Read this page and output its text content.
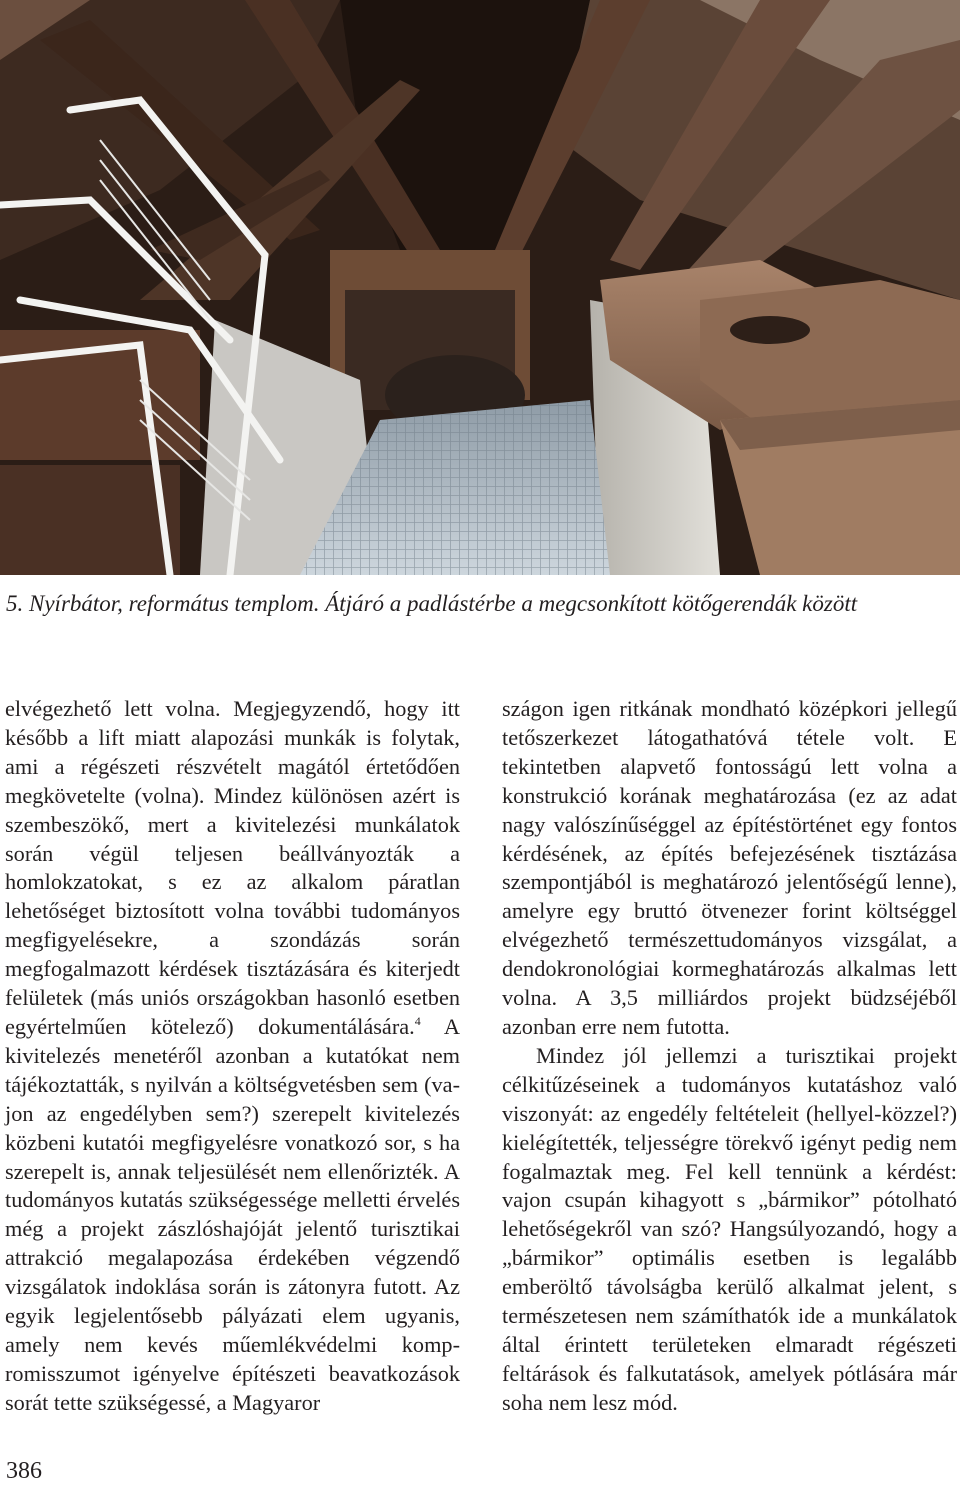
5. Nyírbátor, református templom. Átjáró a padlástérbe a megcsonkított kötőgerendák között

elvégezhető lett volna. Megjegyzendő, hogy itt később a lift miatt alapozási munkák is folytak, ami a régészeti részvételt magától értetődően megkövetelte (volna). Mindez különösen azért is szembeszökő, mert a kivitelezési munkálatok során végül teljesen beállványozták a homlokzatokat, s ez az alkalom páratlan lehetőséget biztosított volna további tudományos megfigyelésekre, a szondázás során megfogalmazott kérdések tisztázására és kiterjedt felületek (más uniós országokban hasonló esetben egyértelműen kötelező) dokumentálására.$^4$ A kivitelezés menetéről azonban a kutatókat nem tájékoztatták, s nyilván a költségvetésben sem (vajon az engedélyben sem?) szerepelt kivitelezés közbeni kutatói megfigyelésre vonatkozó sor, s ha szerepelt is, annak teljesülését nem ellenőrizték. A tudományos kutatás szükségessége melletti érvelés még a projekt zászlóshajóját jelentő turisztikai attrakció megalapozása érdekében végzendő vizsgálatok indoklása során is zátonyra futott. Az egyik legjelentősebb pályázati elem ugyanis, amely nem kevés műemlékvédelmi kompromisszumot igényelve építészeti beavatkozások sorát tette szükségessé, a Magyaror

szágon igen ritkának mondható középkori jellegű tetőszerkezet látogathatóvá tétele volt. E tekintetben alapvető fontosságú lett volna a konstrukció korának meghatározása (ez az adat nagy valószínűséggel az építéstörténet egy fontos kérdésének, az építés befejezésének tisztázása szempontjából is meghatározó jelentőségű lenne), amelyre egy bruttó ötvenezer forint költséggel elvégezhető természettudományos vizsgálat, a dendokronológiai kormeghatározás alkalmas lett volna. A 3,5 milliárdos projekt büdzséjéből azonban erre nem futotta.

Mindez jól jellemzi a turisztikai projekt célkitűzéseinek a tudományos kutatáshoz való viszonyát: az engedély feltételeit (hellyel-közzel?) kielégítették, teljességre törekvő igényt pedig nem fogalmaztak meg. Fel kell tennünk a kérdést: vajon csupán kihagyott s „bármikor” pótolható lehetőségekről van szó? Hangsúlyozandó, hogy a „bármikor” optimális esetben is legalább emberöltő távolságba kerülő alkalmat jelent, s természetesen nem számíthatók ide a munkálatok által érintett területeken elmaradt régészeti feltárások és falkutatások, amelyek pótlására már soha nem lesz mód.

386
